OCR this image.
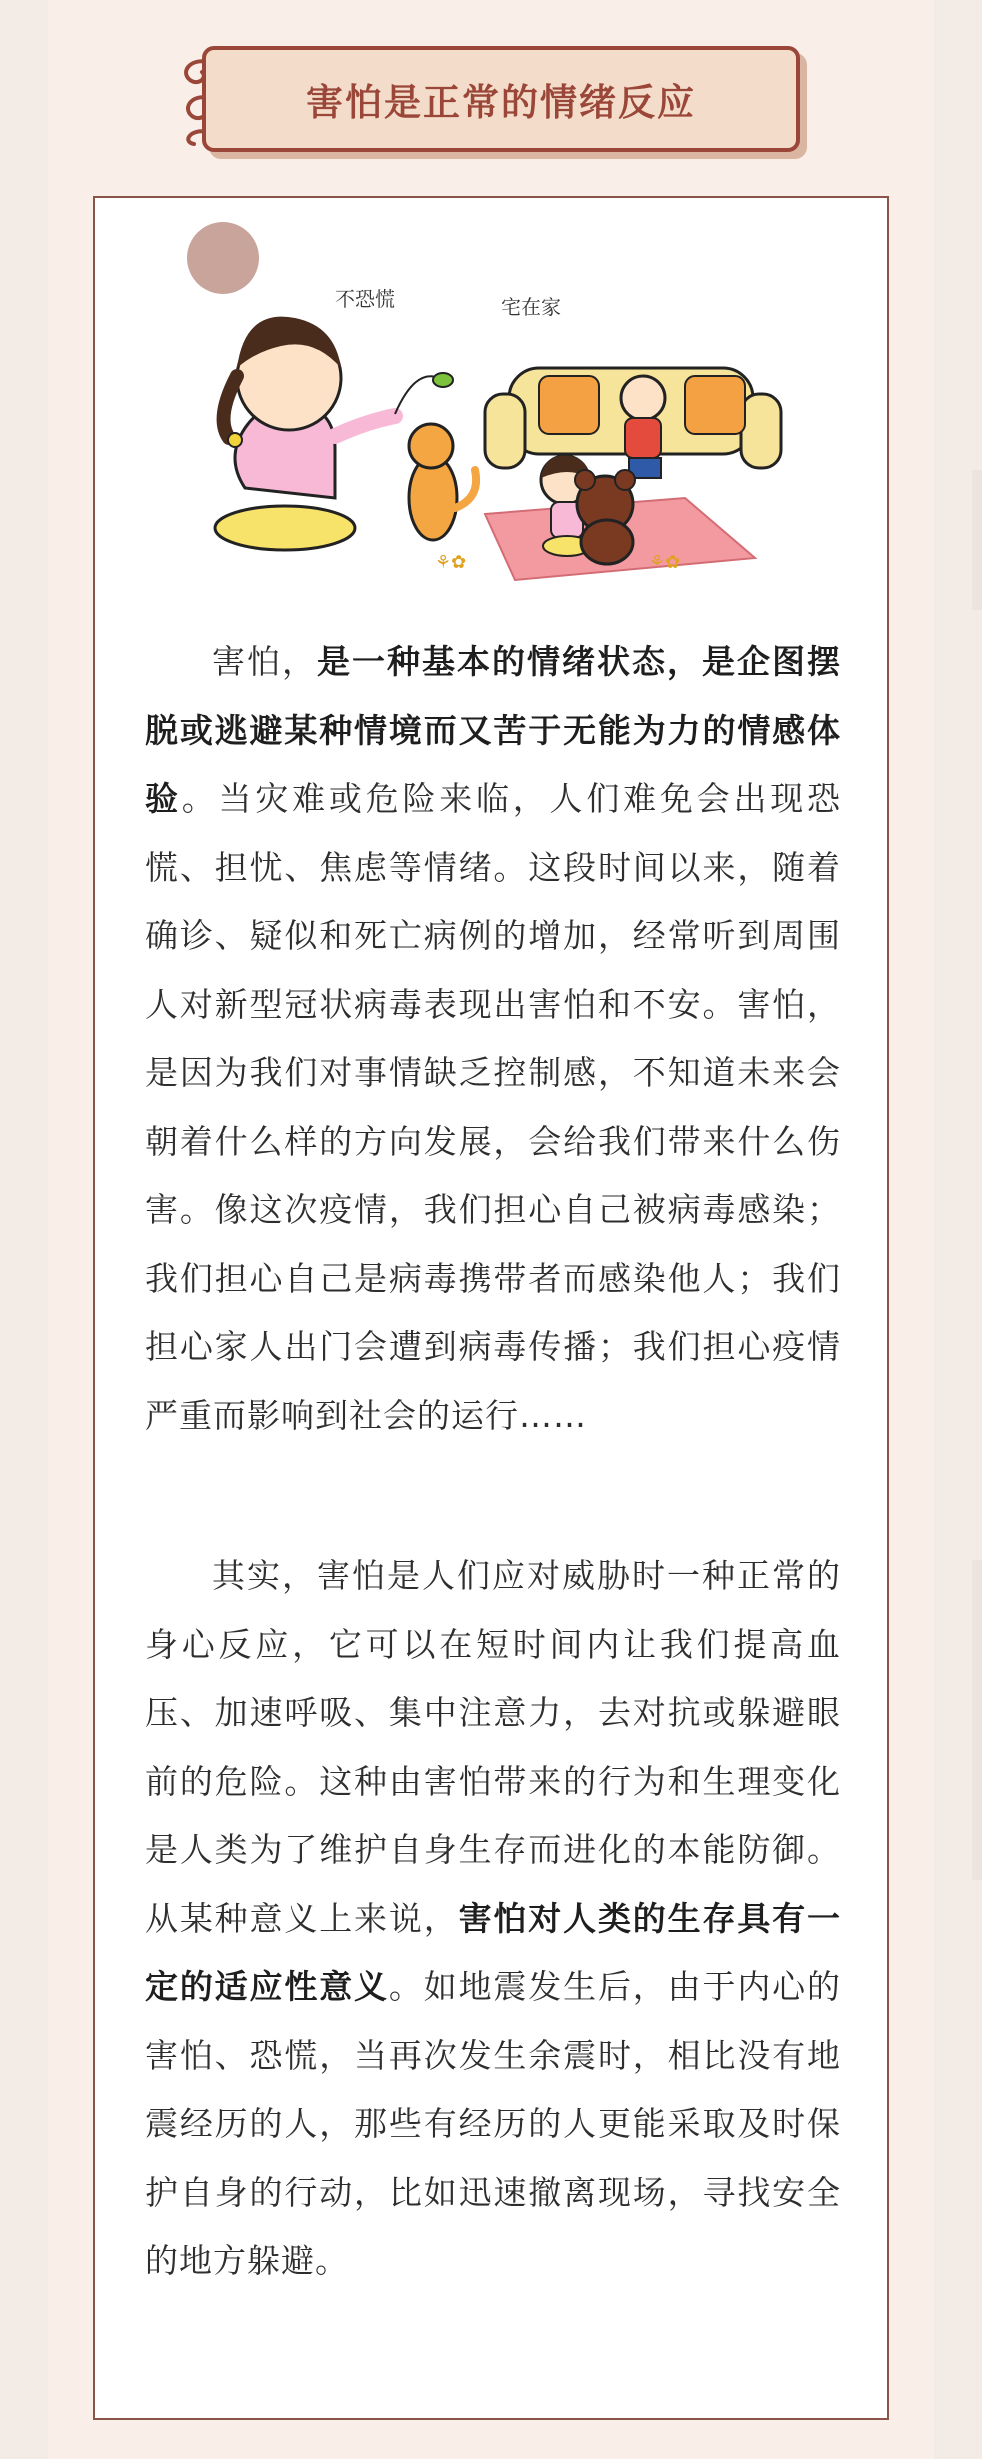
害怕是正常的情绪反应
不恐慌	宅在家
⚘✿	⚘✿

害怕，是一种基本的情绪状态，是企图摆脱或逃避某种情境而又苦于无能为力的情感体验。当灾难或危险来临，人们难免会出现恐慌、担忧、焦虑等情绪。这段时间以来，随着确诊、疑似和死亡病例的增加，经常听到周围人对新型冠状病毒表现出害怕和不安。害怕，是因为我们对事情缺乏控制感，不知道未来会朝着什么样的方向发展，会给我们带来什么伤害。像这次疫情，我们担心自己被病毒感染；我们担心自己是病毒携带者而感染他人；我们担心家人出门会遭到病毒传播；我们担心疫情严重而影响到社会的运行……

其实，害怕是人们应对威胁时一种正常的身心反应，它可以在短时间内让我们提高血压、加速呼吸、集中注意力，去对抗或躲避眼前的危险。这种由害怕带来的行为和生理变化是人类为了维护自身生存而进化的本能防御。从某种意义上来说，害怕对人类的生存具有一定的适应性意义。如地震发生后，由于内心的害怕、恐慌，当再次发生余震时，相比没有地震经历的人，那些有经历的人更能采取及时保护自身的行动，比如迅速撤离现场，寻找安全的地方躲避。
